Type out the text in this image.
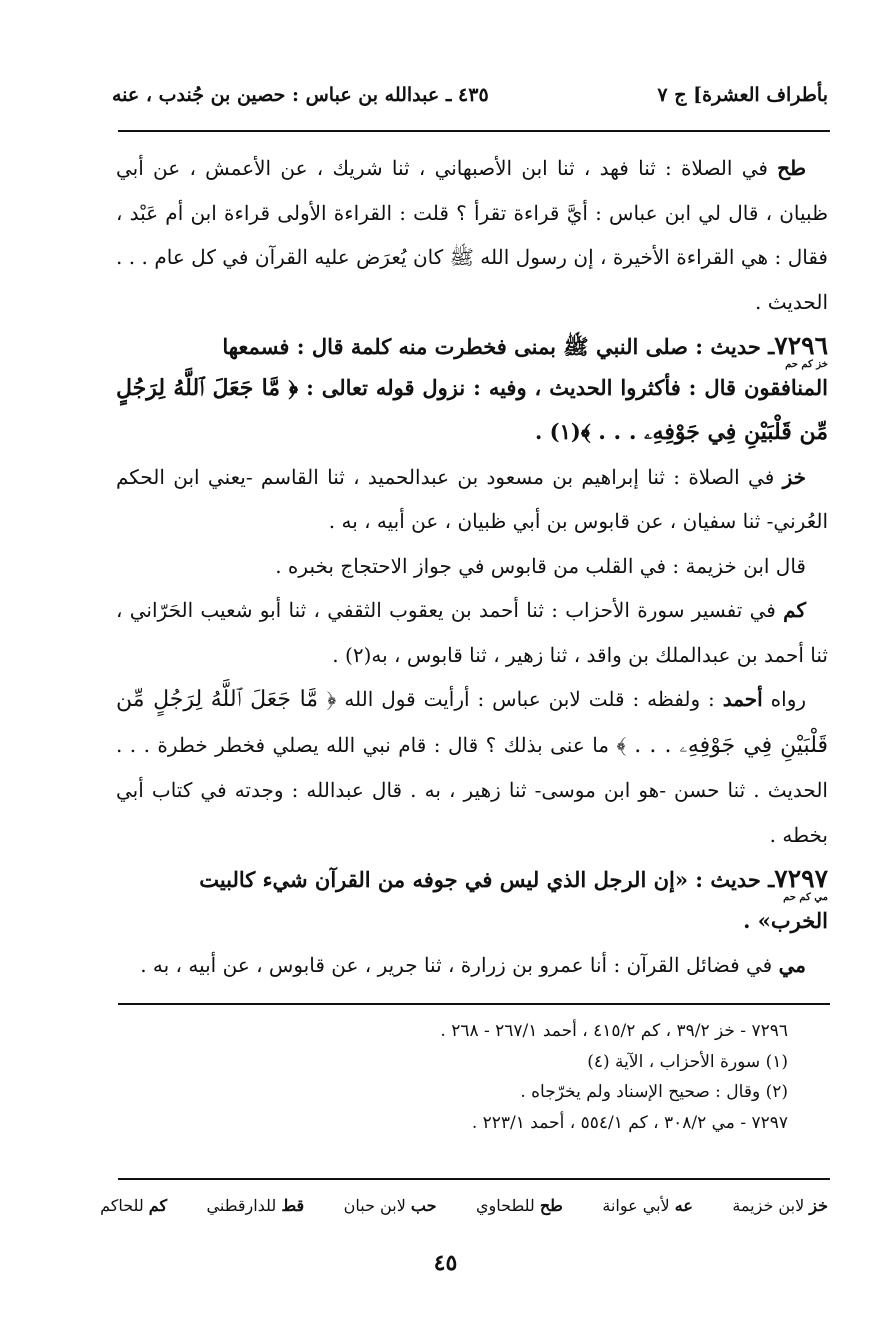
بأطراف العشرة] ج ٧
٤٣٥ ـ عبدالله بن عباس : حصين بن جُندب ، عنه

طح في الصلاة : ثنا فهد ، ثنا ابن الأصبهاني ، ثنا شريك ، عن الأعمش ، عن أبي ظبيان ، قال لي ابن عباس : أيَّ قراءة تقرأ ؟ قلت : القراءة الأولى قراءة ابن أم عَبْد ، فقال : هي القراءة الأخيرة ، إن رسول الله ﷺ كان يُعرَض عليه القرآن في كل عام . . . الحديث .

٧٢٩٦ـ حديث : صلى النبي ﷺ بمنى فخطرت منه كلمة قال : فسمعها
خز كم حم
المنافقون قال : فأكثروا الحديث ، وفيه : نزول قوله تعالى : ﴿ مَّا جَعَلَ ٱللَّهُ لِرَجُلٍ مِّن قَلْبَيْنِ فِي جَوْفِهِۦ . . . ﴾(١) .

خز في الصلاة : ثنا إبراهيم بن مسعود بن عبدالحميد ، ثنا القاسم -يعني ابن الحكم العُرني- ثنا سفيان ، عن قابوس بن أبي ظبيان ، عن أبيه ، به .

قال ابن خزيمة : في القلب من قابوس في جواز الاحتجاج بخبره .

كم في تفسير سورة الأحزاب : ثنا أحمد بن يعقوب الثقفي ، ثنا أبو شعيب الحَرّاني ، ثنا أحمد بن عبدالملك بن واقد ، ثنا زهير ، ثنا قابوس ، به(٢) .

رواه أحمد : ولفظه : قلت لابن عباس : أرأيت قول الله ﴿ مَّا جَعَلَ ٱللَّهُ لِرَجُلٍ مِّن قَلْبَيْنِ فِي جَوْفِهِۦ . . . ﴾ ما عنى بذلك ؟ قال : قام نبي الله يصلي فخطر خطرة . . . الحديث . ثنا حسن -هو ابن موسى- ثنا زهير ، به . قال عبدالله : وجدته في كتاب أبي بخطه .

٧٢٩٧ـ حديث : «إن الرجل الذي ليس في جوفه من القرآن شيء كالبيت
مي كم حم
الخرب» .

مي في فضائل القرآن : أنا عمرو بن زرارة ، ثنا جرير ، عن قابوس ، عن أبيه ، به .

٧٢٩٦ - خز ٣٩/٢ ، كم ٤١٥/٢ ، أحمد ٢٦٧/١ - ٢٦٨ .

(١) سورة الأحزاب ، الآية (٤)

(٢) وقال : صحيح الإسناد ولم يخرّجاه .

٧٢٩٧ - مي ٣٠٨/٢ ، كم ٥٥٤/١ ، أحمد ٢٢٣/١ .

خز لابن خزيمة
عه لأبي عوانة
طح للطحاوي
حب لابن حبان
قط للدارقطني
كم للحاكم
٤٥
